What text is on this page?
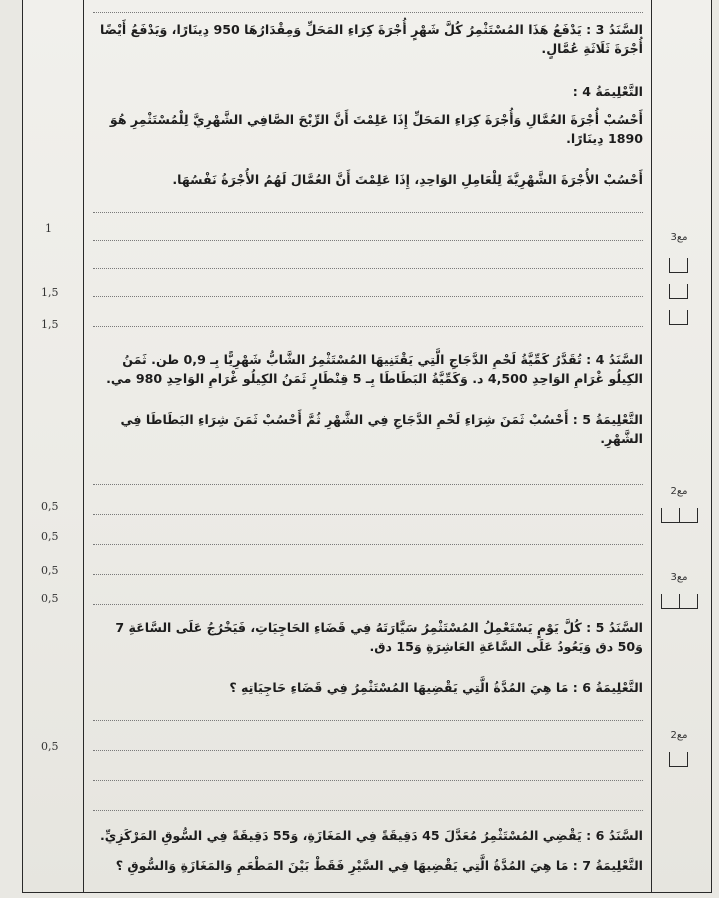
السَّنَدُ 3 : يَدْفَعُ هَذَا المُسْتَثْمِرُ كُلَّ شَهْرٍ أُجْرَةَ كِرَاءِ المَحَلِّ وَمِقْدَارُهَا 950 دِينَارًا، وَيَدْفَعُ أَيْضًا أُجْرَةَ ثَلَاثَةِ عُمَّالٍ.

التَّعْلِيمَةُ 4 :

أَحْسُبْ أُجْرَةَ العُمَّالِ وَأُجْرَةَ كِرَاءِ المَحَلِّ إِذَا عَلِمْتَ أَنَّ الرِّبْحَ الصَّافِي الشَّهْرِيَّ لِلْمُسْتَثْمِرِ هُوَ 1890 دِينَارًا.

أَحْسُبْ الأُجْرَةَ الشَّهْرِيَّةَ لِلْعَامِلِ الوَاحِدِ، إِذَا عَلِمْتَ أَنَّ العُمَّالَ لَهُمُ الأُجْرَةُ نَفْسُهَا.

السَّنَدُ 4 : تُقَدَّرُ كَمِّيَّةُ لَحْمِ الدَّجَاجِ الَّتِي يَقْتَنِيهَا المُسْتَثْمِرُ الشَّابُّ شَهْرِيًّا بِـ 0,9 طن. ثَمَنُ الكِيلُو غْرَامِ الوَاحِدِ 4,500 د. وَكَمِّيَّةُ البَطَاطَا بِـ 5 قِنْطَارٍ ثَمَنُ الكِيلُو غْرَامِ الوَاحِدِ 980 مي.

التَّعْلِيمَةُ 5 : أَحْسُبْ ثَمَنَ شِرَاءِ لَحْمِ الدَّجَاجِ فِي الشَّهْرِ ثُمَّ أَحْسُبْ ثَمَنَ شِرَاءِ البَطَاطَا فِي الشَّهْرِ.

السَّنَدُ 5 : كُلَّ يَوْمٍ يَسْتَعْمِلُ المُسْتَثْمِرُ سَيَّارَتَهُ فِي قَضَاءِ الحَاجِيَاتِ، فَيَخْرُجُ عَلَى السَّاعَةِ 7 وَ50 دق وَيَعُودُ عَلَى السَّاعَةِ العَاشِرَةِ وَ15 دق.

التَّعْلِيمَةُ 6 : مَا هِيَ المُدَّةُ الَّتِي يَقْضِيهَا المُسْتَثْمِرُ فِي قَضَاءِ حَاجِيَاتِهِ ؟

السَّنَدُ 6 : يَقْضِي المُسْتَثْمِرُ مُعَدَّلَ 45 دَقِيقَةً فِي المَغَازَةِ، وَ55 دَقِيقَةً فِي السُّوقِ المَرْكَزِيِّ.

التَّعْلِيمَةُ 7 : مَا هِيَ المُدَّةُ الَّتِي يَقْضِيهَا فِي السَّيْرِ فَقَطْ بَيْنَ المَطْعَمِ وَالمَغَازَةِ وَالسُّوقِ ؟

1
1,5
1,5
0,5
0,5
0,5
0,5
0,5
مع3
مع2
مع3
مع2
